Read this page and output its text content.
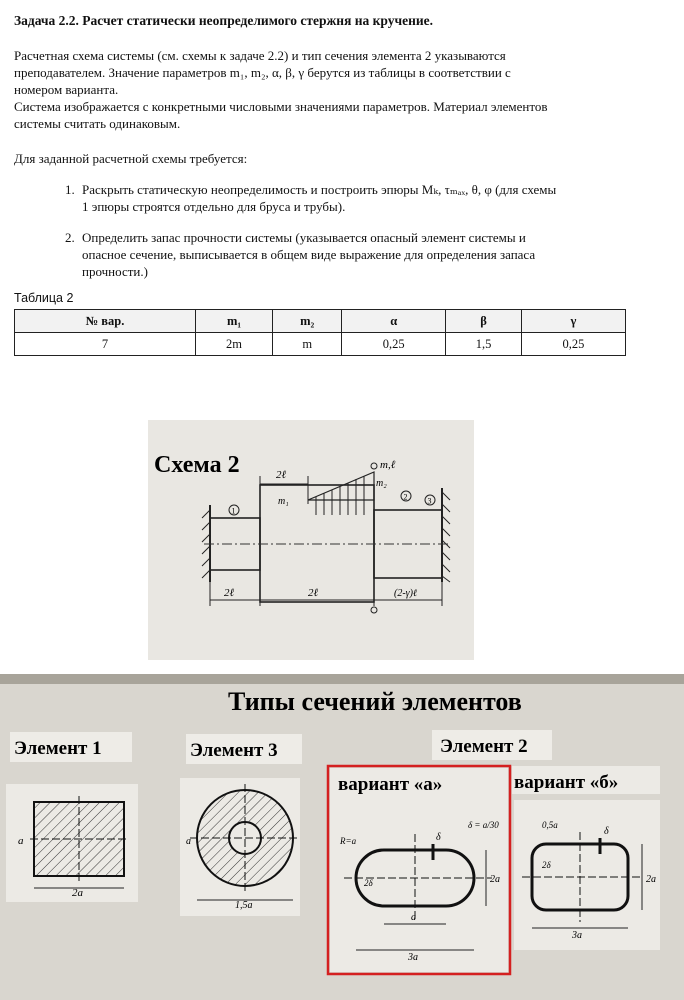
Задача 2.2. Расчет статически неопределимого стержня на кручение.

Расчетная схема системы (см. схемы к задаче 2.2) и тип сечения элемента 2 указываются

преподавателем. Значение параметров m₁, m₂, α, β, γ берутся из таблицы в соответствии с

номером варианта.

Система изображается с конкретными числовыми значениями параметров. Материал элементов

системы считать одинаковым.

Для заданной расчетной схемы требуется:

1. Раскрыть статическую неопределимость и построить эпюры Mₖ, τₘₐₓ, θ, φ (для схемы
1 эпюры строятся отдельно для бруса и трубы).
2. Определить запас прочности системы (указывается опасный элемент системы и
опасное сечение, выписывается в общем виде выражение для определения запаса
прочности.)
Таблица 2
№ вар.	m₁	m₂	α	β	γ
7	2m	m	0,25	1,5	0,25
Схема 2	2ℓ
m₁
m₂
m,ℓ
1
2	3
2ℓ	2ℓ	(2-γ)ℓ
Типы сечений элементов
Элемент 1	Элемент 3	Элемент 2
2a
a
1,5a
a
вариант «а»
R=a	δ
δ = a/30
2δ
a
3a
2a
вариант «б»
0,5a
δ
2δ
3a
2a
